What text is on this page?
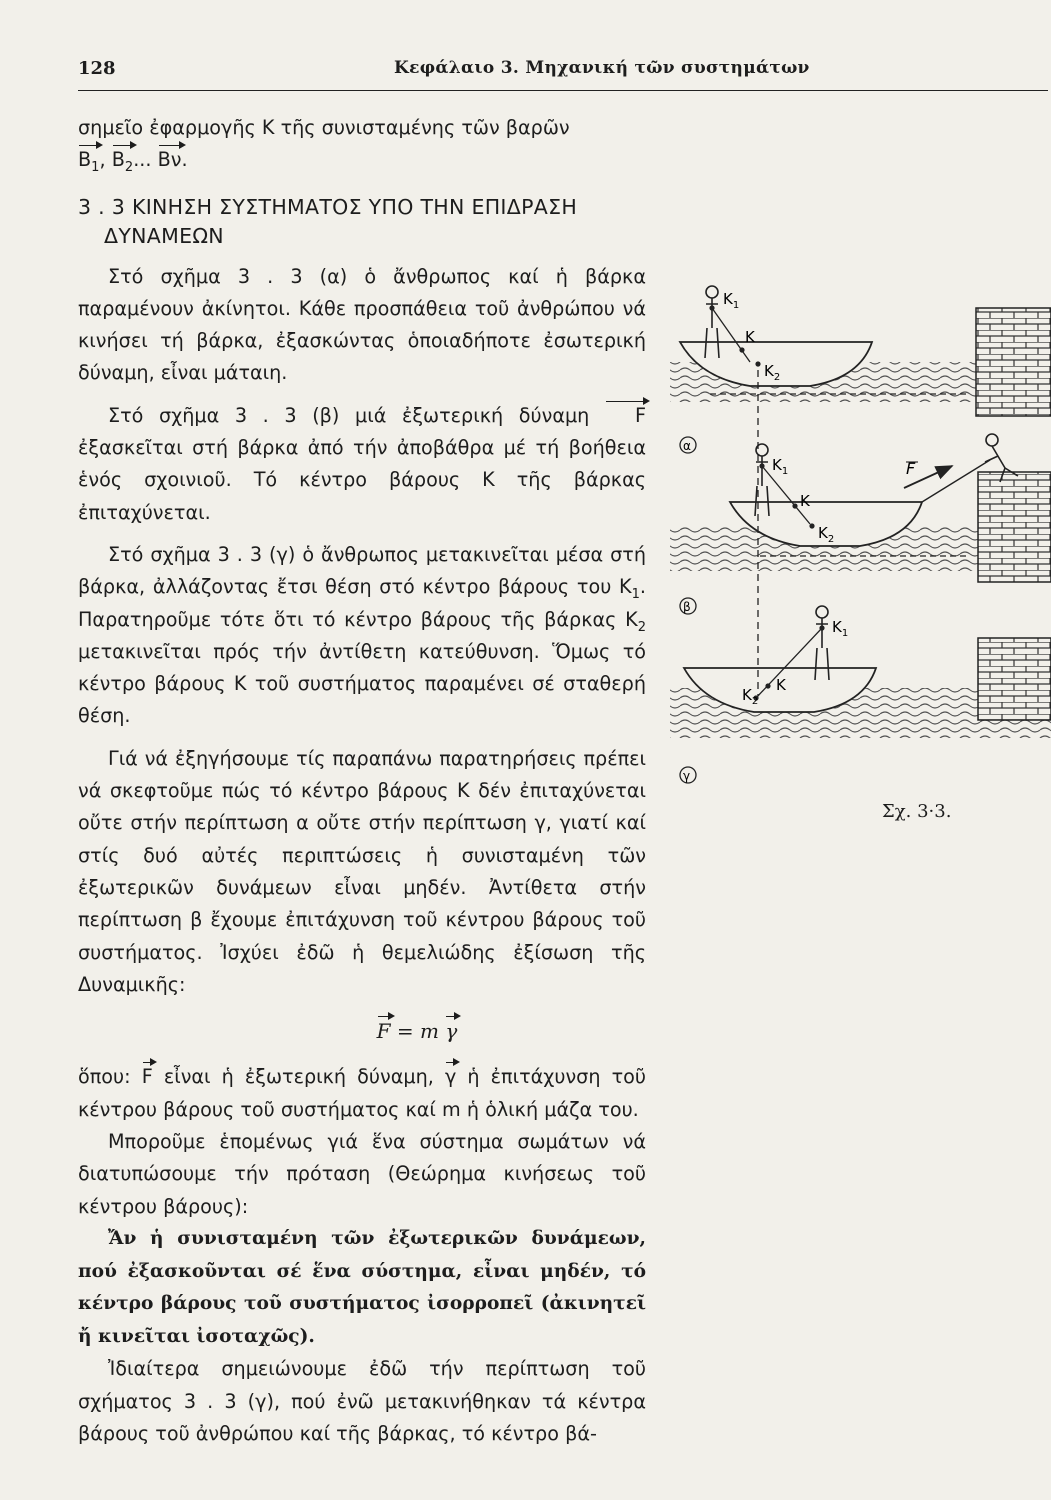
128	Κεφάλαιο 3. Μηχανική τῶν συστημάτων

σημεῖο ἐφαρμογῆς K τῆς συνισταμένης τῶν βαρῶν
$B_1$, $B_2$... Bν.

3 . 3 ΚΙΝΗΣΗ ΣΥΣΤΗΜΑΤΟΣ ΥΠΟ ΤΗΝ ΕΠΙΔΡΑΣΗ
ΔΥΝΑΜΕΩΝ

Στό σχῆμα 3 . 3 (α) ὁ ἄνθρωπος καί ἡ βάρκα παραμένουν ἀκίνητοι. Κάθε προσπάθεια τοῦ ἀνθρώπου νά κινήσει τή βάρκα, ἐξασκώντας ὁποιαδήποτε ἐσωτερική δύναμη, εἶναι μάταιη.

Στό σχῆμα 3 . 3 (β) μιά ἐξωτερική δύναμη F ἐξασκεῖται στή βάρκα ἀπό τήν ἀποβάθρα μέ τή βοήθεια ἑνός σχοινιοῦ. Τό κέντρο βάρους K τῆς βάρκας ἐπιταχύνεται.

Στό σχῆμα 3 . 3 (γ) ὁ ἄνθρωπος μετακινεῖται μέσα στή βάρκα, ἀλλάζοντας ἔτσι θέση στό κέντρο βάρους του $K_1$. Παρατηροῦμε τότε ὅτι τό κέντρο βάρους τῆς βάρκας $K_2$ μετακινεῖται πρός τήν ἀντίθετη κατεύθυνση. Ὅμως τό κέντρο βάρους K τοῦ συστήματος παραμένει σέ σταθερή θέση.

Γιά νά ἐξηγήσουμε τίς παραπάνω παρατηρήσεις πρέπει νά σκεφτοῦμε πώς τό κέντρο βάρους K δέν ἐπιταχύνεται οὔτε στήν περίπτωση α οὔτε στήν περίπτωση γ, γιατί καί στίς δυό αὐτές περιπτώσεις ἡ συνισταμένη τῶν ἐξωτερικῶν δυνάμεων εἶναι μηδέν. Ἀντίθετα στήν περίπτωση β ἔχουμε ἐπιτάχυνση τοῦ κέντρου βάρους τοῦ συστήματος. Ἰσχύει ἐδῶ ἡ θεμελιώδης ἐξίσωση τῆς Δυναμικῆς:

F = m γ

ὅπου: F εἶναι ἡ ἐξωτερική δύναμη, γ ἡ ἐπιτάχυνση τοῦ κέντρου βάρους τοῦ συστήματος καί m ἡ ὁλική μάζα του.

Μποροῦμε ἑπομένως γιά ἕνα σύστημα σωμάτων νά διατυπώσουμε τήν πρόταση (Θεώρημα κινήσεως τοῦ κέντρου βάρους):

Ἄν ἡ συνισταμένη τῶν ἐξωτερικῶν δυνάμεων, πού ἐξασκοῦνται σέ ἕνα σύστημα, εἶναι μηδέν, τό κέντρο βάρους τοῦ συστήματος ἰσορροπεῖ (ἀκινητεῖ ἤ κινεῖται ἰσοταχῶς).

Ἰδιαίτερα σημειώνουμε ἐδῶ τήν περίπτωση τοῦ σχήματος 3 . 3 (γ), πού ἐνῶ μετακινήθηκαν τά κέντρα βάρους τοῦ ἀνθρώπου καί τῆς βάρκας, τό κέντρο βά-

$K_1$
K
$K_2$
α
F
$K_1$
K
$K_2$
β
$K_1$
K
$K_2$
γ
Σχ. 3·3.
